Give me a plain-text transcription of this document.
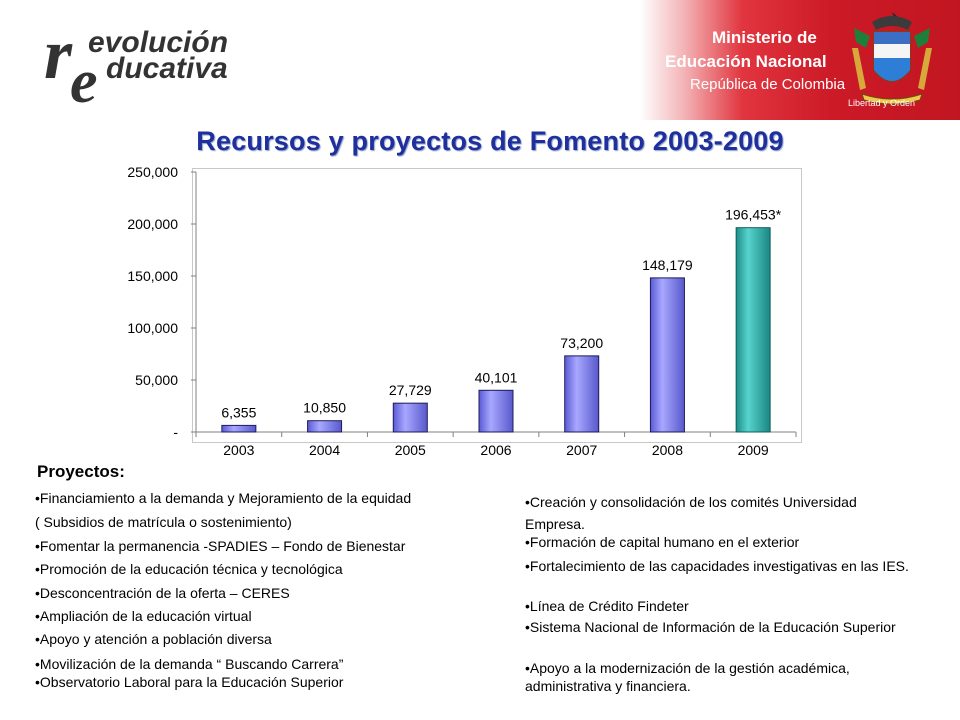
r
e
evolución
ducativa
Ministerio de
Educación Nacional
República de Colombia
Libertad y Orden
Recursos y proyectos de Fomento 2003-2009
-
50,000
100,000
150,000
200,000
250,000
2003	2004	2005	2006	2007	2008	2009
6,355	10,850
27,729
40,101
73,200
148,179
196,453*
Proyectos:
•Financiamiento a la demanda y Mejoramiento de la equidad
( Subsidios de matrícula o sostenimiento)
•Fomentar la permanencia -SPADIES – Fondo de Bienestar
•Promoción de la educación técnica y tecnológica
•Desconcentración de la oferta – CERES
•Ampliación de la educación virtual
•Apoyo y atención a población diversa
•Movilización de la demanda “ Buscando Carrera”
•Observatorio Laboral para la Educación Superior
•Creación y consolidación de los comités Universidad Empresa.
•Formación de capital humano en el exterior
•Fortalecimiento de las capacidades investigativas en las IES.
•Línea de Crédito Findeter
•Sistema Nacional de Información de la Educación Superior
•Apoyo a la modernización de la gestión académica, administrativa y financiera.
